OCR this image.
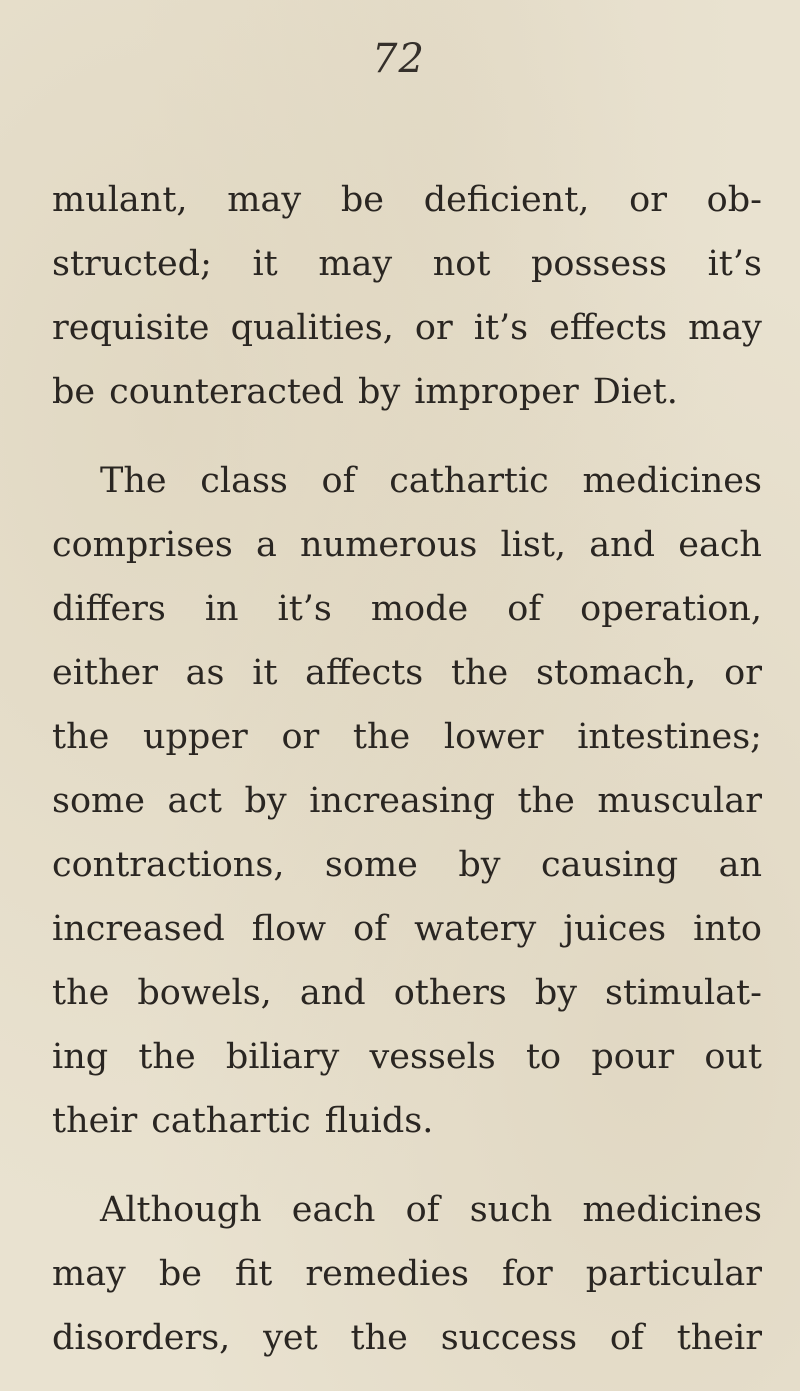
72
mulant, may be deficient, or ob-
structed; it may not possess it’s
requisite qualities, or it’s effects may
be counteracted by improper Diet.
The class of cathartic medicines
comprises a numerous list, and each
differs in it’s mode of operation,
either as it affects the stomach, or
the upper or the lower intestines;
some act by increasing the muscular
contractions, some by causing an
increased flow of watery juices into
the bowels, and others by stimulat-
ing the biliary vessels to pour out
their cathartic fluids.
Although each of such medicines
may be fit remedies for particular
disorders, yet the success of their
